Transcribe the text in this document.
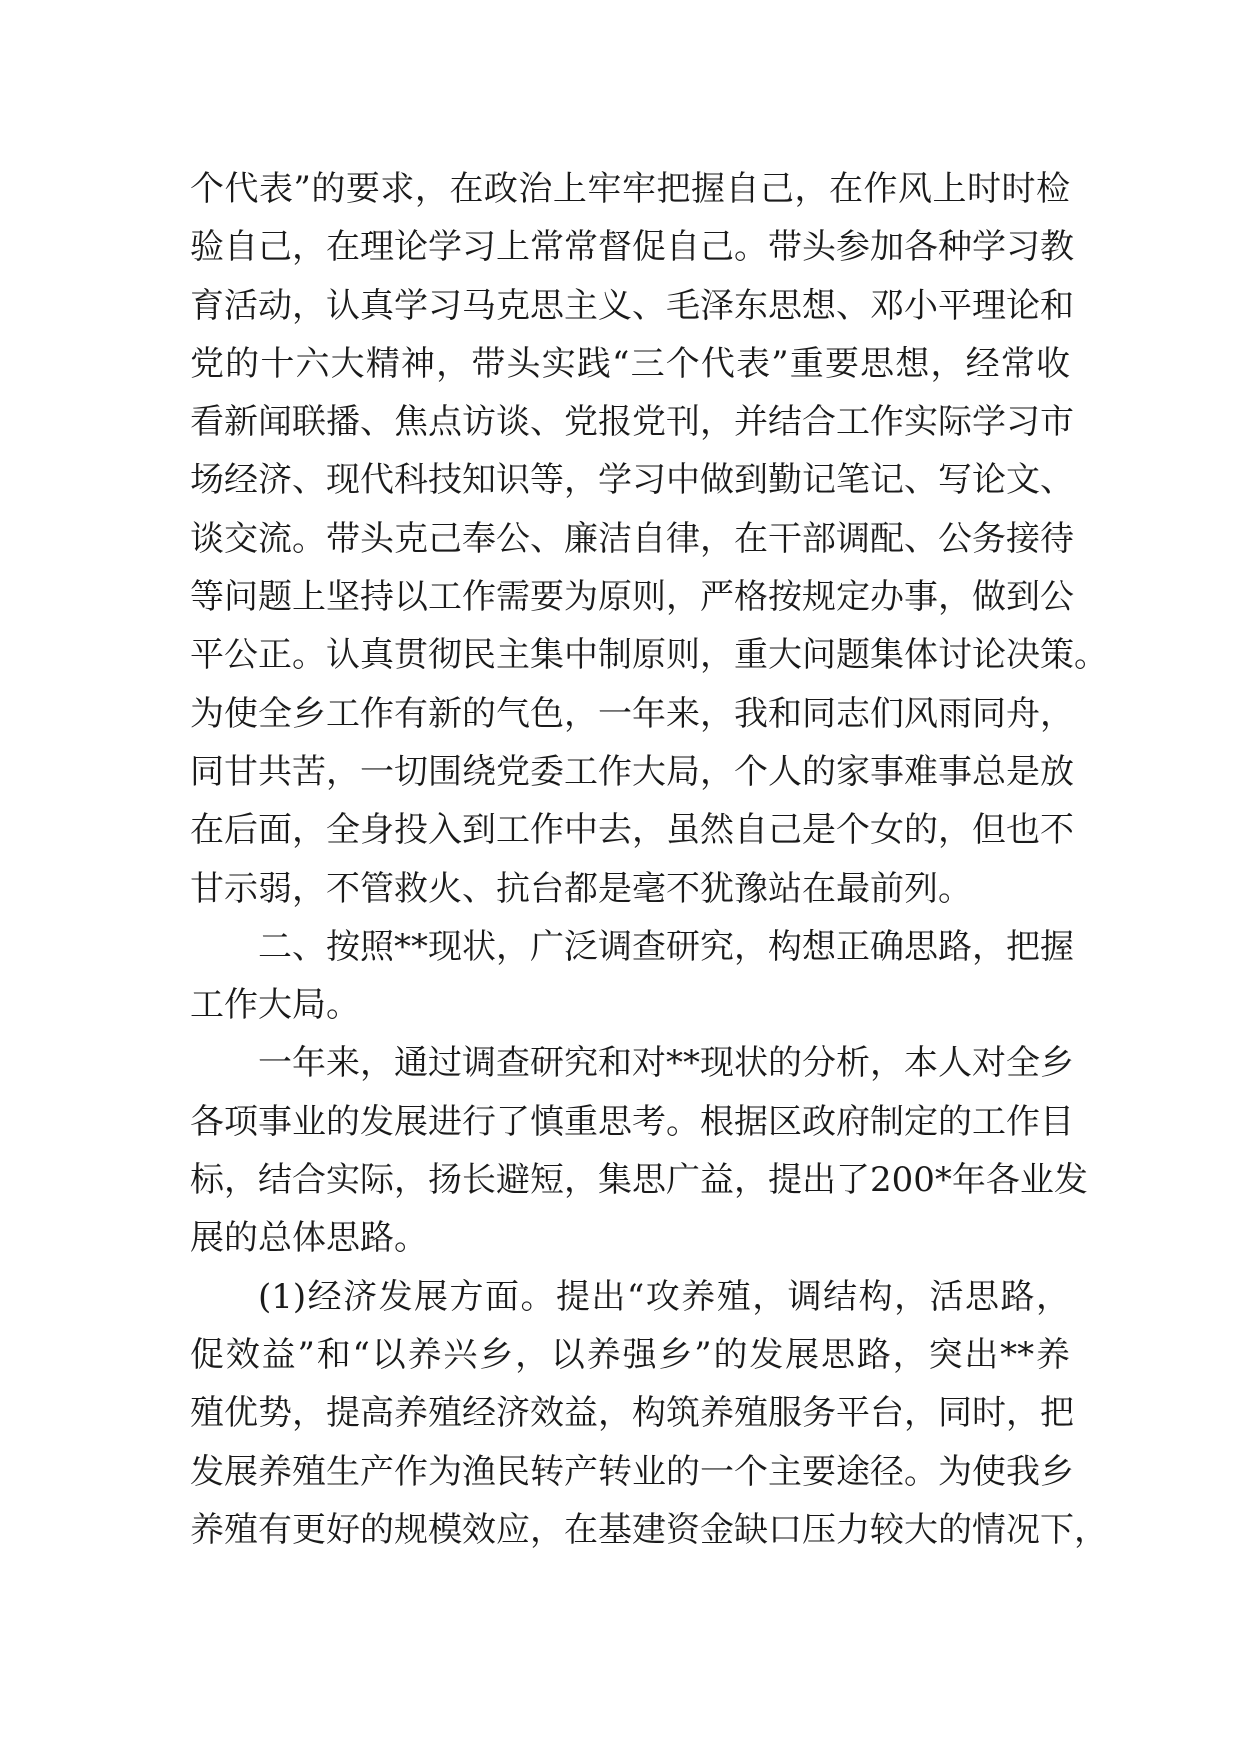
个代表”的要求，在政治上牢牢把握自己，在作风上时时检
验自己，在理论学习上常常督促自己。带头参加各种学习教
育活动，认真学习马克思主义、毛泽东思想、邓小平理论和
党的十六大精神，带头实践“三个代表”重要思想，经常收
看新闻联播、焦点访谈、党报党刊，并结合工作实际学习市
场经济、现代科技知识等，学习中做到勤记笔记、写论文、
谈交流。带头克己奉公、廉洁自律，在干部调配、公务接待
等问题上坚持以工作需要为原则，严格按规定办事，做到公
平公正。认真贯彻民主集中制原则，重大问题集体讨论决策。
为使全乡工作有新的气色，一年来，我和同志们风雨同舟，
同甘共苦，一切围绕党委工作大局，个人的家事难事总是放
在后面，全身投入到工作中去，虽然自己是个女的，但也不
甘示弱，不管救火、抗台都是毫不犹豫站在最前列。
二、按照**现状，广泛调查研究，构想正确思路，把握
工作大局。
一年来，通过调查研究和对**现状的分析，本人对全乡
各项事业的发展进行了慎重思考。根据区政府制定的工作目
标，结合实际，扬长避短，集思广益，提出了200*年各业发
展的总体思路。
(1)经济发展方面。提出“攻养殖，调结构，活思路，
促效益”和“以养兴乡，以养强乡”的发展思路，突出**养
殖优势，提高养殖经济效益，构筑养殖服务平台，同时，把
发展养殖生产作为渔民转产转业的一个主要途径。为使我乡
养殖有更好的规模效应，在基建资金缺口压力较大的情况下，
